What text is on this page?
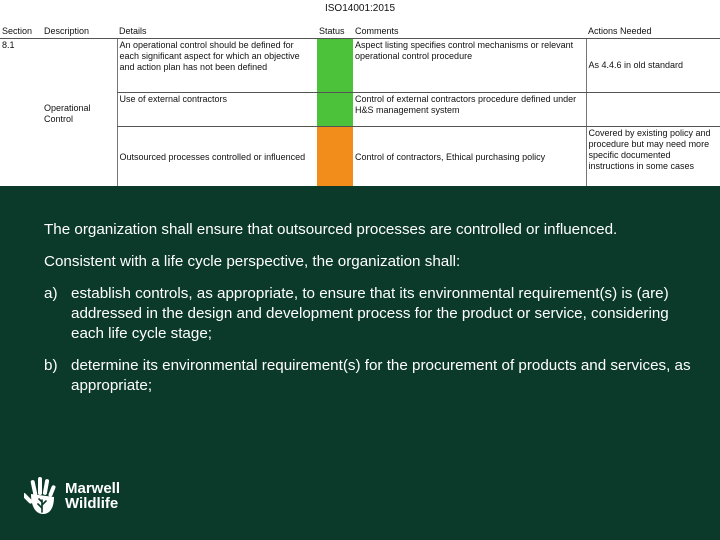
ISO14001:2015
Section	Description	Details	Status	Comments	Actions Needed
8.1	Operational Control	An operational control should be defined for each significant aspect for which an objective and action plan has not been defined		Aspect listing specifies control mechanisms or relevant operational control procedure	As 4.4.6 in old standard
		Use of external contractors		Control of external contractors procedure defined under H&S management system	
		Outsourced processes controlled or influenced		Control of contractors, Ethical purchasing policy	Covered by existing policy and procedure but may need more specific documented instructions in some cases

The organization shall ensure that outsourced processes are controlled or influenced.

Consistent with a life cycle perspective, the organization shall:

a) establish controls, as appropriate, to ensure that its environmental requirement(s) is (are) addressed in the design and development process for the product or service, considering each life cycle stage;
b) determine its environmental requirement(s) for the procurement of products and services, as appropriate;
Marwell
Wildlife
